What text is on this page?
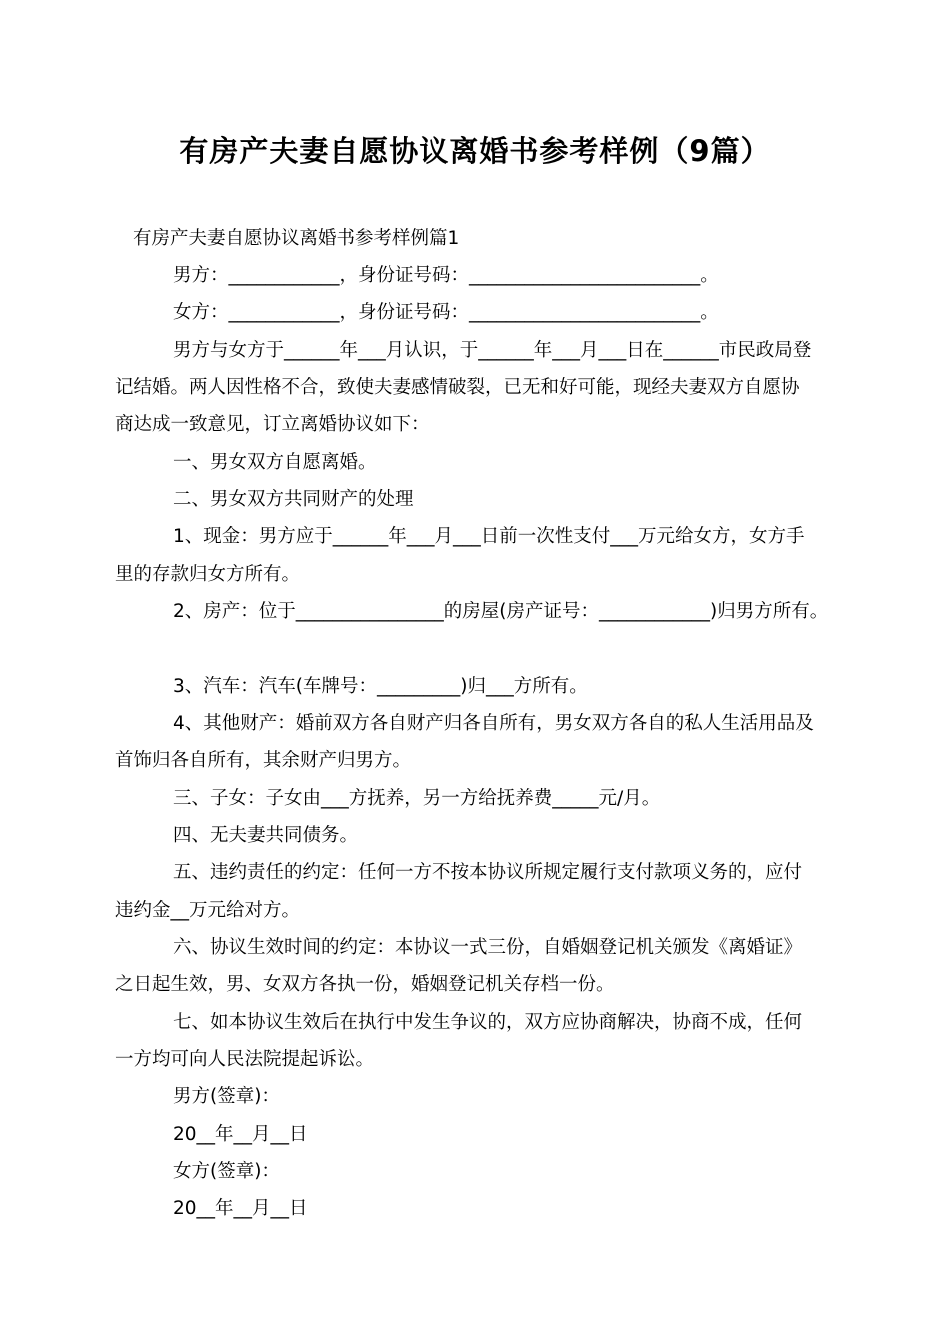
有房产夫妻自愿协议离婚书参考样例（9篇）
有房产夫妻自愿协议离婚书参考样例篇1
男方：____________，身份证号码：_________________________。
女方：____________，身份证号码：_________________________。
男方与女方于______年___月认识，于______年___月___日在______市民政局登
记结婚。两人因性格不合，致使夫妻感情破裂，已无和好可能，现经夫妻双方自愿协
商达成一致意见，订立离婚协议如下：
一、男女双方自愿离婚。
二、男女双方共同财产的处理
1、现金：男方应于______年___月___日前一次性支付___万元给女方，女方手
里的存款归女方所有。
2、房产：位于________________的房屋(房产证号：____________)归男方所有。
3、汽车：汽车(车牌号：_________)归___方所有。
4、其他财产：婚前双方各自财产归各自所有，男女双方各自的私人生活用品及
首饰归各自所有，其余财产归男方。
三、子女：子女由___方抚养，另一方给抚养费_____元/月。
四、无夫妻共同债务。
五、违约责任的约定：任何一方不按本协议所规定履行支付款项义务的，应付
违约金__万元给对方。
六、协议生效时间的约定：本协议一式三份，自婚姻登记机关颁发《离婚证》
之日起生效，男、女双方各执一份，婚姻登记机关存档一份。
七、如本协议生效后在执行中发生争议的，双方应协商解决，协商不成，任何
一方均可向人民法院提起诉讼。
男方(签章)：
20__年__月__日
女方(签章)：
20__年__月__日
